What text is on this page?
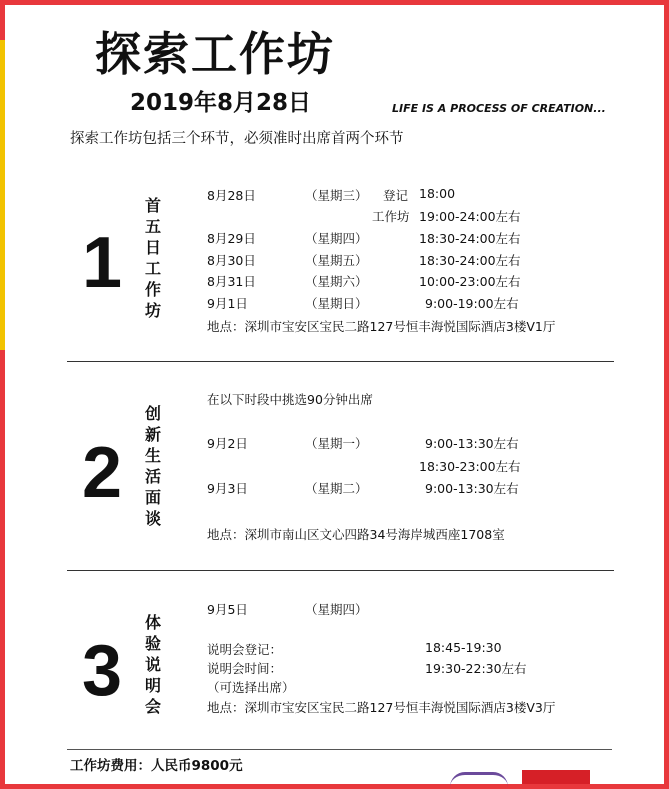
探索工作坊
2019年8月28日	LIFE IS A PROCESS OF CREATION...
探索工作坊包括三个环节，必须准时出席首两个环节
1
首五日工作坊
8月28日	（星期三） 登记 18:00
工作坊 19:00-24:00左右
8月29日	（星期四）	18:30-24:00左右
8月30日	（星期五）	18:30-24:00左右
8月31日	（星期六）	10:00-23:00左右
9月1日	（星期日）	9:00-19:00左右
地点：深圳市宝安区宝民二路127号恒丰海悦国际酒店3楼V1厅
2
创新生活面谈
在以下时段中挑选90分钟出席
9月2日	（星期一）	9:00-13:30左右
18:30-23:00左右
9月3日	（星期二）	9:00-13:30左右
地点：深圳市南山区文心四路34号海岸城西座1708室
3
体验说明会
9月5日	（星期四）
说明会登记：	18:45-19:30
说明会时间：	19:30-22:30左右
（可选择出席）
地点：深圳市宝安区宝民二路127号恒丰海悦国际酒店3楼V3厅
工作坊费用：人民币9800元
